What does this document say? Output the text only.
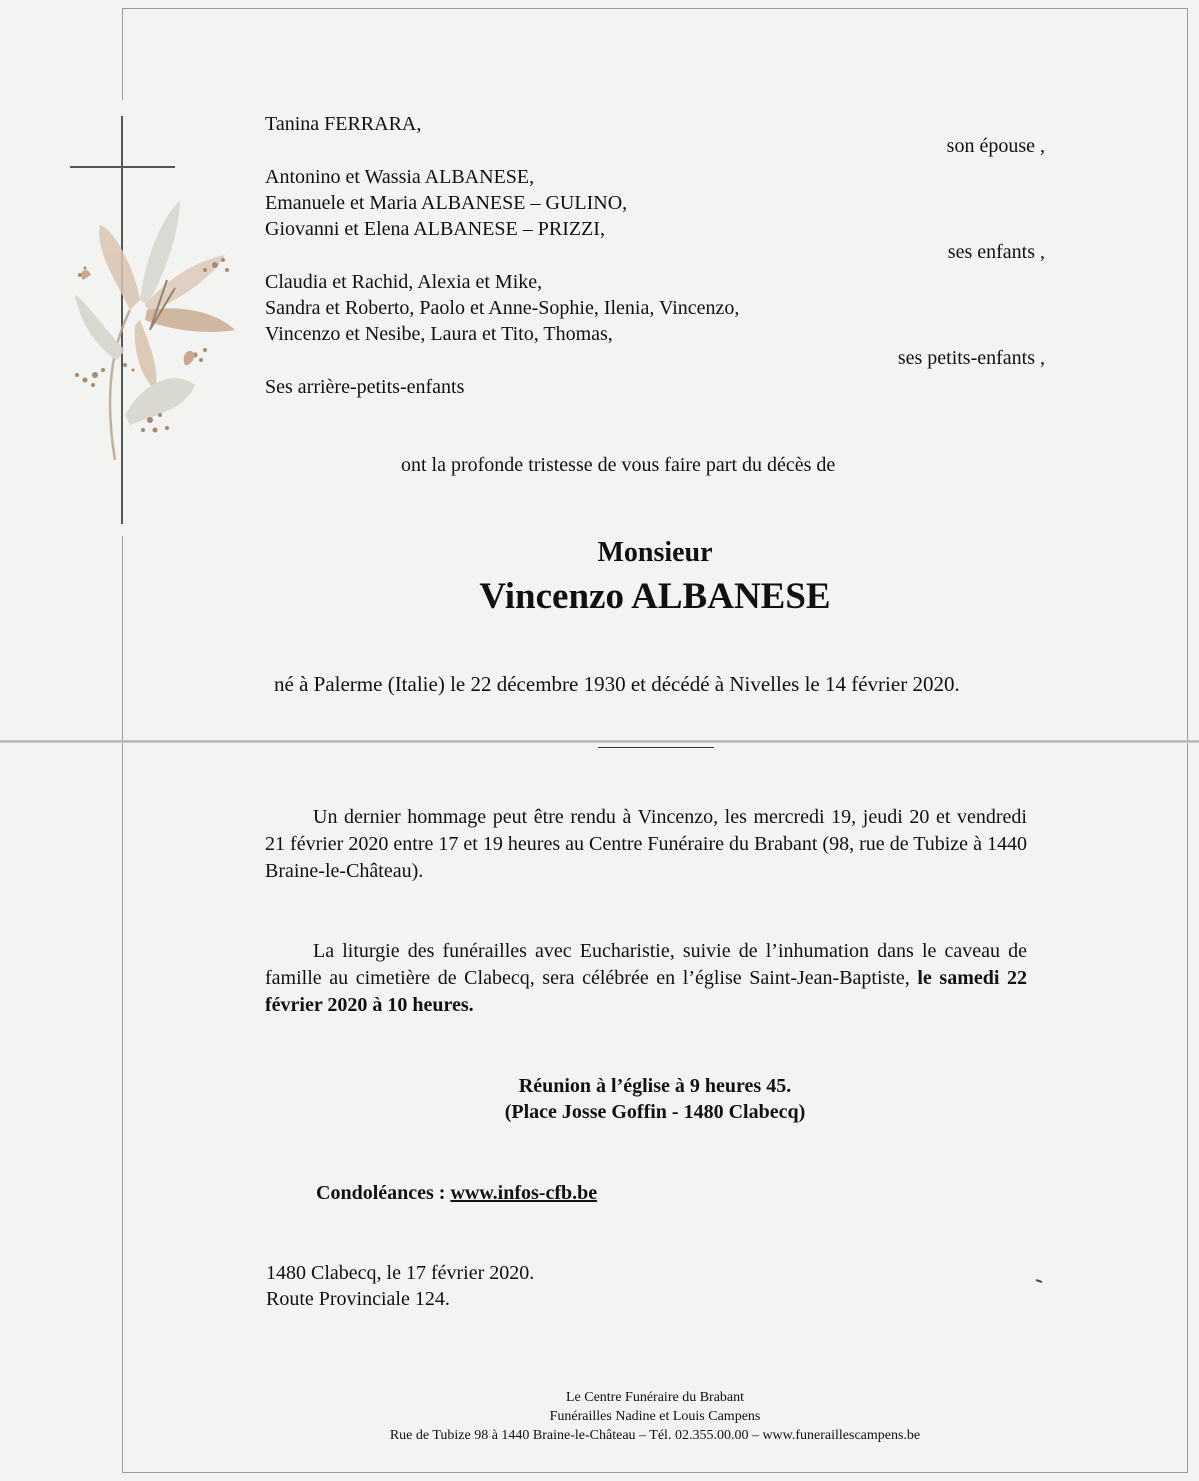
Tanina FERRARA,
son épouse ,
Antonino et Wassia ALBANESE,
Emanuele et Maria ALBANESE – GULINO,
Giovanni et Elena ALBANESE – PRIZZI,
ses enfants ,
Claudia et Rachid, Alexia et Mike,
Sandra et Roberto, Paolo et Anne-Sophie, Ilenia, Vincenzo,
Vincenzo et Nesibe, Laura et Tito, Thomas,
ses petits-enfants ,
Ses arrière-petits-enfants
ont la profonde tristesse de vous faire part du décès de
Monsieur
Vincenzo ALBANESE
né à Palerme (Italie) le 22 décembre 1930 et décédé à Nivelles le 14 février 2020.
Un dernier hommage peut être rendu à Vincenzo, les mercredi 19, jeudi 20 et vendredi 21 février 2020 entre 17 et 19 heures au Centre Funéraire du Brabant (98, rue de Tubize à 1440 Braine-le-Château).
La liturgie des funérailles avec Eucharistie, suivie de l’inhumation dans le caveau de famille au cimetière de Clabecq, sera célébrée en l’église Saint-Jean-Baptiste, le samedi 22 février 2020 à 10 heures.
Réunion à l’église à 9 heures 45.
(Place Josse Goffin - 1480 Clabecq)
Condoléances : www.infos-cfb.be
1480 Clabecq, le 17 février 2020.
Route Provinciale 124.
Le Centre Funéraire du Brabant
Funérailles Nadine et Louis Campens
Rue de Tubize 98 à 1440 Braine-le-Château – Tél. 02.355.00.00 – www.funeraillescampens.be
